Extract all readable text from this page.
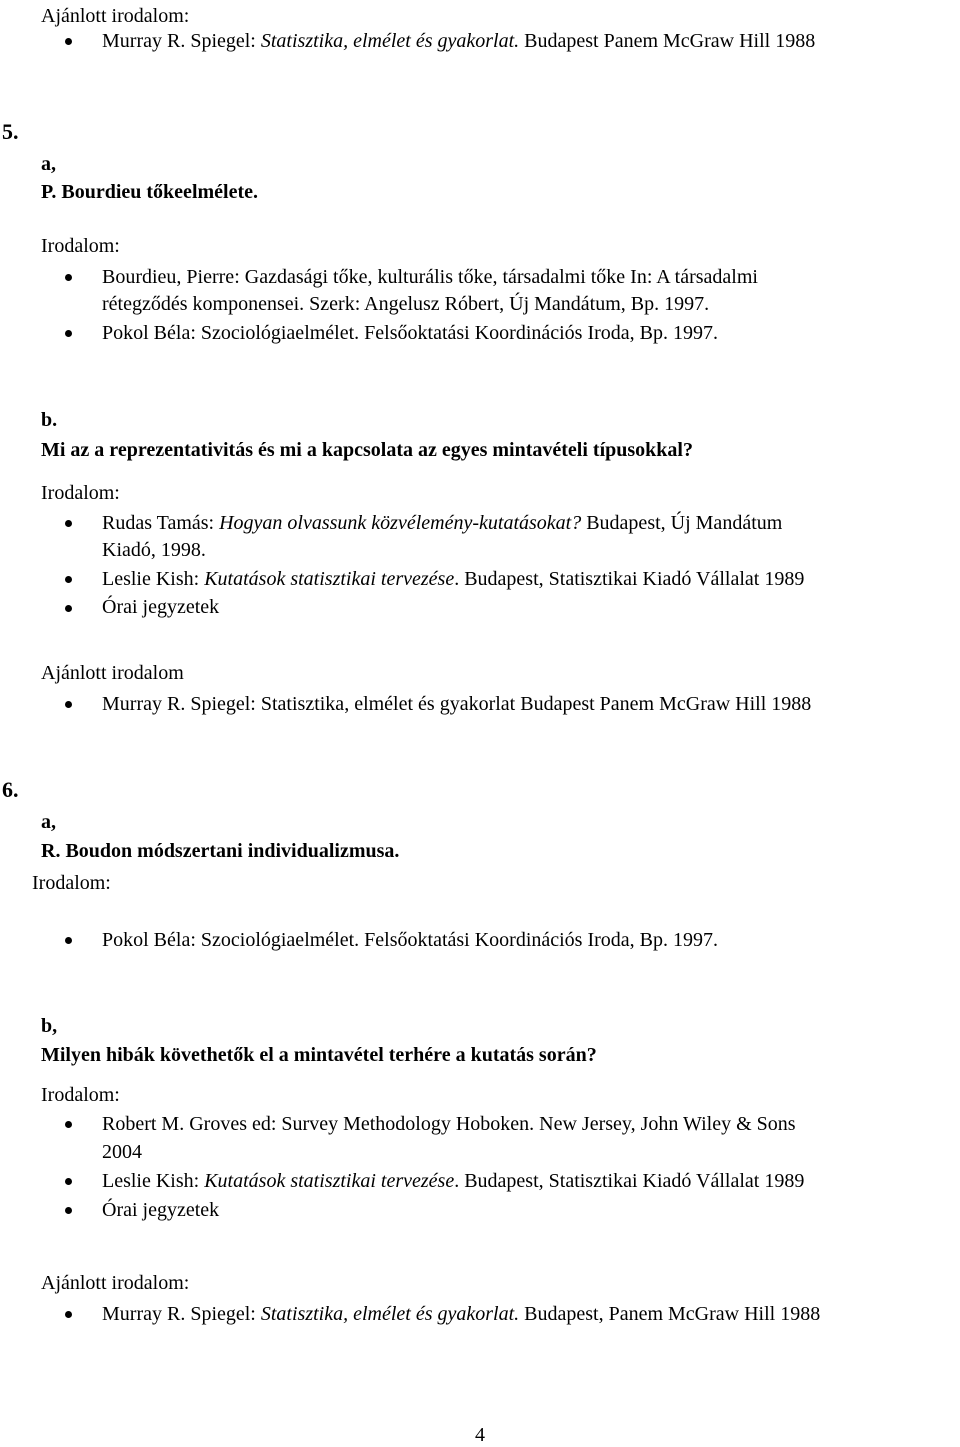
Ajánlott irodalom:
Murray R. Spiegel: Statisztika, elmélet és gyakorlat. Budapest Panem McGraw Hill 1988
5.
a,
P. Bourdieu tőkeelmélete.
Irodalom:
Bourdieu, Pierre: Gazdasági tőke, kulturális tőke, társadalmi tőke In: A társadalmi
rétegződés komponensei. Szerk: Angelusz Róbert, Új Mandátum, Bp. 1997.
Pokol Béla: Szociológiaelmélet. Felsőoktatási Koordinációs Iroda, Bp. 1997.
b.
Mi az a reprezentativitás és mi a kapcsolata az egyes mintavételi típusokkal?
Irodalom:
Rudas Tamás: Hogyan olvassunk közvélemény-kutatásokat? Budapest, Új Mandátum
Kiadó, 1998.
Leslie Kish: Kutatások statisztikai tervezése. Budapest, Statisztikai Kiadó Vállalat 1989
Órai jegyzetek
Ajánlott irodalom
Murray R. Spiegel: Statisztika, elmélet és gyakorlat Budapest Panem McGraw Hill 1988
6.
a,
R. Boudon módszertani individualizmusa.
Irodalom:
Pokol Béla: Szociológiaelmélet. Felsőoktatási Koordinációs Iroda, Bp. 1997.
b,
Milyen hibák követhetők el a mintavétel terhére a kutatás során?
Irodalom:
Robert M. Groves ed: Survey Methodology Hoboken. New Jersey, John Wiley & Sons
2004
Leslie Kish: Kutatások statisztikai tervezése. Budapest, Statisztikai Kiadó Vállalat 1989
Órai jegyzetek
Ajánlott irodalom:
Murray R. Spiegel: Statisztika, elmélet és gyakorlat. Budapest, Panem McGraw Hill 1988
4
